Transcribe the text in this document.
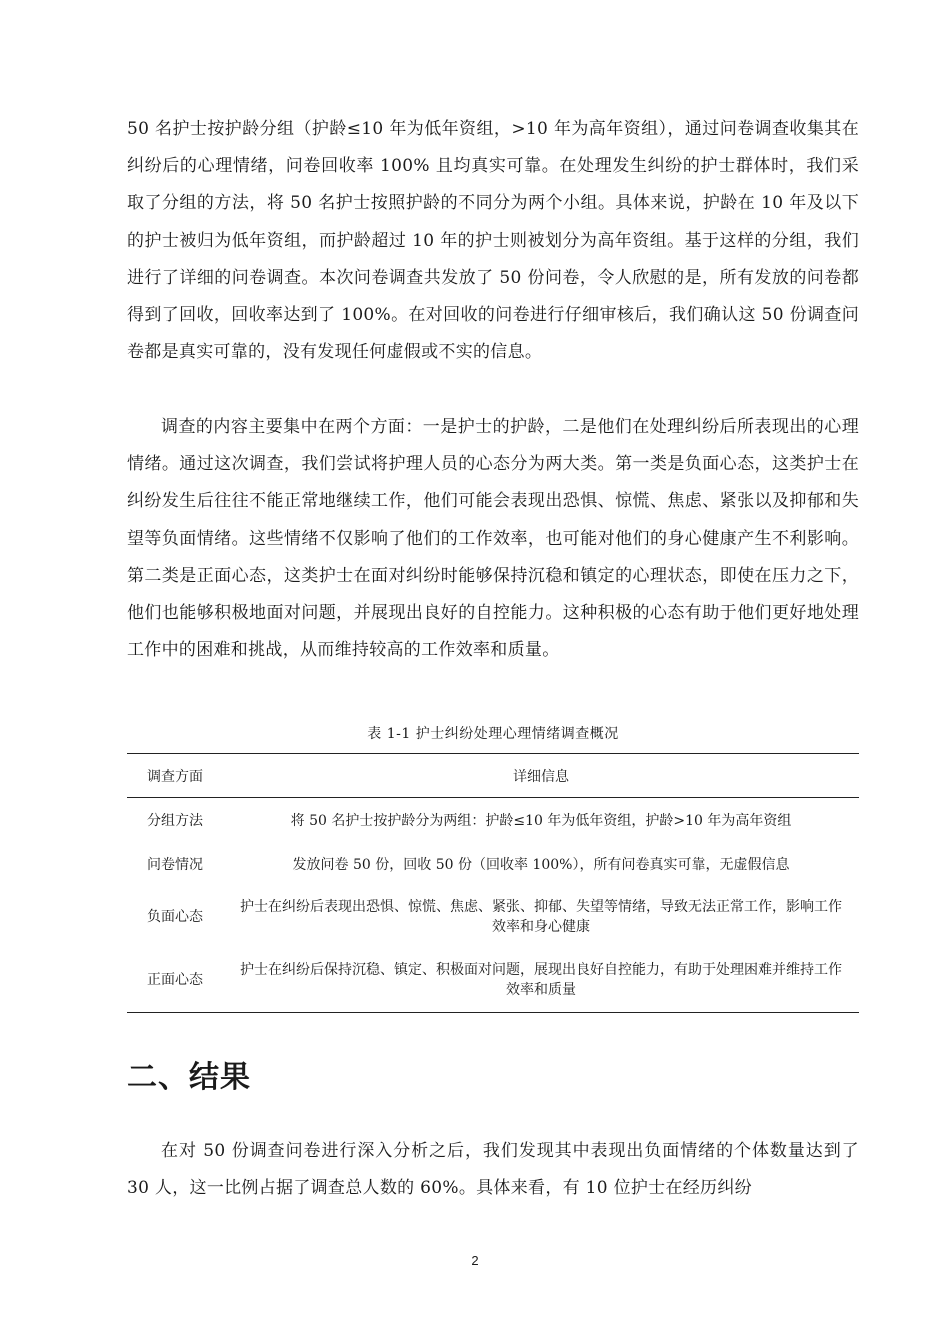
50 名护士按护龄分组（护龄≤10 年为低年资组，>10 年为高年资组），通过问卷调查收集其在纠纷后的心理情绪，问卷回收率 100% 且均真实可靠。在处理发生纠纷的护士群体时，我们采取了分组的方法，将 50 名护士按照护龄的不同分为两个小组。具体来说，护龄在 10 年及以下的护士被归为低年资组，而护龄超过 10 年的护士则被划分为高年资组。基于这样的分组，我们进行了详细的问卷调查。本次问卷调查共发放了 50 份问卷，令人欣慰的是，所有发放的问卷都得到了回收，回收率达到了 100%。在对回收的问卷进行仔细审核后，我们确认这 50 份调查问卷都是真实可靠的，没有发现任何虚假或不实的信息。

调查的内容主要集中在两个方面：一是护士的护龄，二是他们在处理纠纷后所表现出的心理情绪。通过这次调查，我们尝试将护理人员的心态分为两大类。第一类是负面心态，这类护士在纠纷发生后往往不能正常地继续工作，他们可能会表现出恐惧、惊慌、焦虑、紧张以及抑郁和失望等负面情绪。这些情绪不仅影响了他们的工作效率，也可能对他们的身心健康产生不利影响。第二类是正面心态，这类护士在面对纠纷时能够保持沉稳和镇定的心理状态，即使在压力之下，他们也能够积极地面对问题，并展现出良好的自控能力。这种积极的心态有助于他们更好地处理工作中的困难和挑战，从而维持较高的工作效率和质量。

表 1-1 护士纠纷处理心理情绪调查概况
调查方面	详细信息
分组方法	将 50 名护士按护龄分为两组：护龄≤10 年为低年资组，护龄>10 年为高年资组
问卷情况	发放问卷 50 份，回收 50 份（回收率 100%），所有问卷真实可靠，无虚假信息
负面心态	护士在纠纷后表现出恐惧、惊慌、焦虑、紧张、抑郁、失望等情绪，导致无法正常工作，影响工作效率和身心健康
正面心态	护士在纠纷后保持沉稳、镇定、积极面对问题，展现出良好自控能力，有助于处理困难并维持工作效率和质量
二、结果

在对 50 份调查问卷进行深入分析之后，我们发现其中表现出负面情绪的个体数量达到了 30 人，这一比例占据了调查总人数的 60%。具体来看，有 10 位护士在经历纠纷

2
